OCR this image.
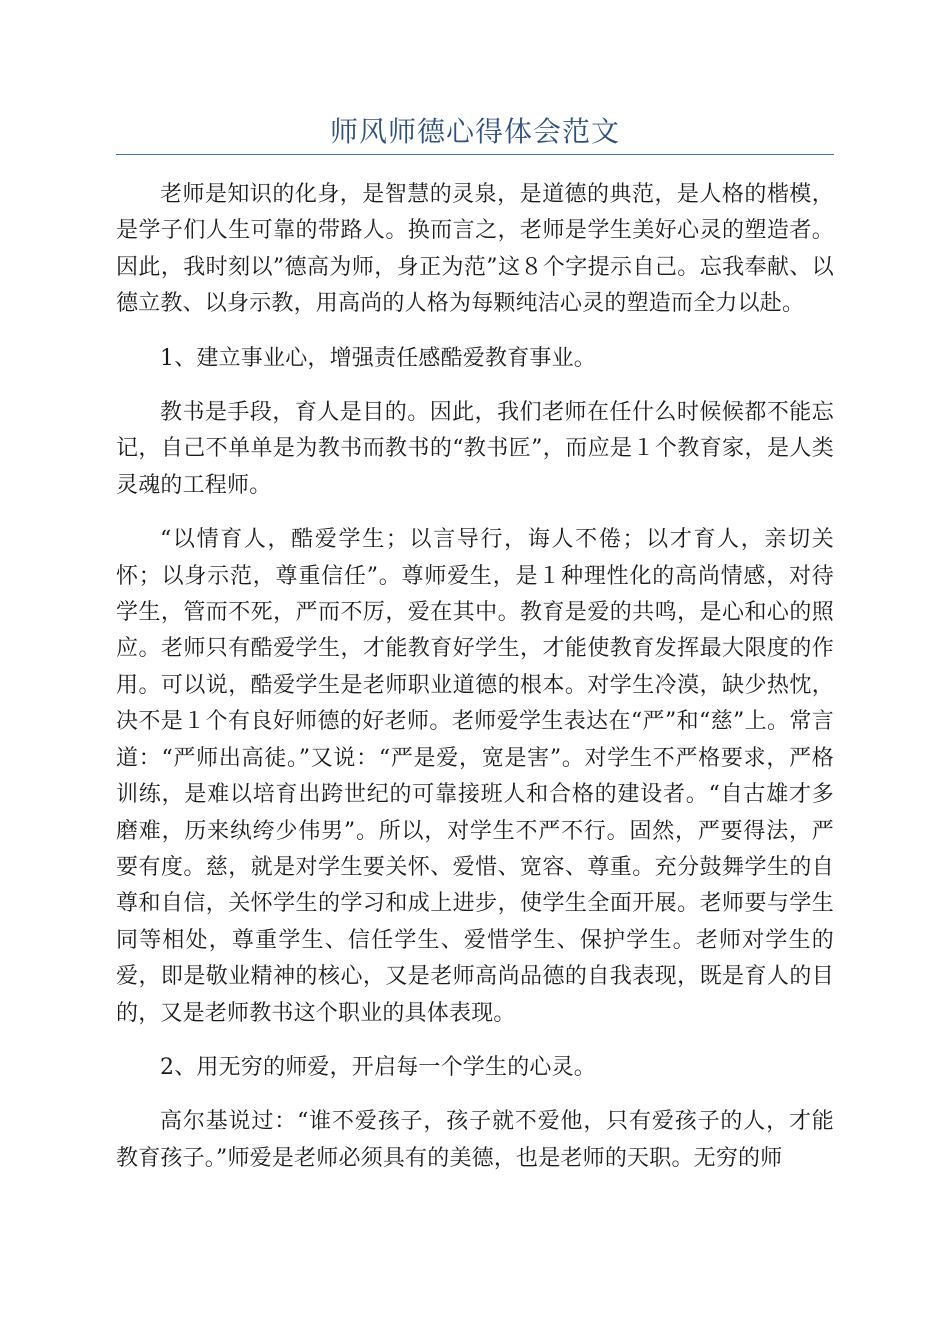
师风师德心得体会范文

老师是知识的化身，是智慧的灵泉，是道德的典范，是人格的楷模，是学子们人生可靠的带路人。换而言之，老师是学生美好心灵的塑造者。因此，我时刻以”德高为师，身正为范”这８个字提示自己。忘我奉献、以德立教、以身示教，用高尚的人格为每颗纯洁心灵的塑造而全力以赴。

1、建立事业心，增强责任感酷爱教育事业。

教书是手段，育人是目的。因此，我们老师在任什么时候候都不能忘记，自己不单单是为教书而教书的“教书匠”，而应是１个教育家，是人类灵魂的工程师。

“以情育人，酷爱学生；以言导行，诲人不倦；以才育人，亲切关怀；以身示范，尊重信任”。尊师爱生，是１种理性化的高尚情感，对待学生，管而不死，严而不厉，爱在其中。教育是爱的共鸣，是心和心的照应。老师只有酷爱学生，才能教育好学生，才能使教育发挥最大限度的作用。可以说，酷爱学生是老师职业道德的根本。对学生冷漠，缺少热忱，决不是１个有良好师德的好老师。老师爱学生表达在“严”和“慈”上。常言道：“严师出高徒。”又说：“严是爱，宽是害”。对学生不严格要求，严格训练，是难以培育出跨世纪的可靠接班人和合格的建设者。“自古雄才多磨难，历来纨绔少伟男”。所以，对学生不严不行。固然，严要得法，严要有度。慈，就是对学生要关怀、爱惜、宽容、尊重。充分鼓舞学生的自尊和自信，关怀学生的学习和成上进步，使学生全面开展。老师要与学生同等相处，尊重学生、信任学生、爱惜学生、保护学生。老师对学生的爱，即是敬业精神的核心，又是老师高尚品德的自我表现，既是育人的目的，又是老师教书这个职业的具体表现。

2、用无穷的师爱，开启每一个学生的心灵。

高尔基说过：“谁不爱孩子，孩子就不爱他，只有爱孩子的人，才能教育孩子。”师爱是老师必须具有的美德，也是老师的天职。无穷的师
